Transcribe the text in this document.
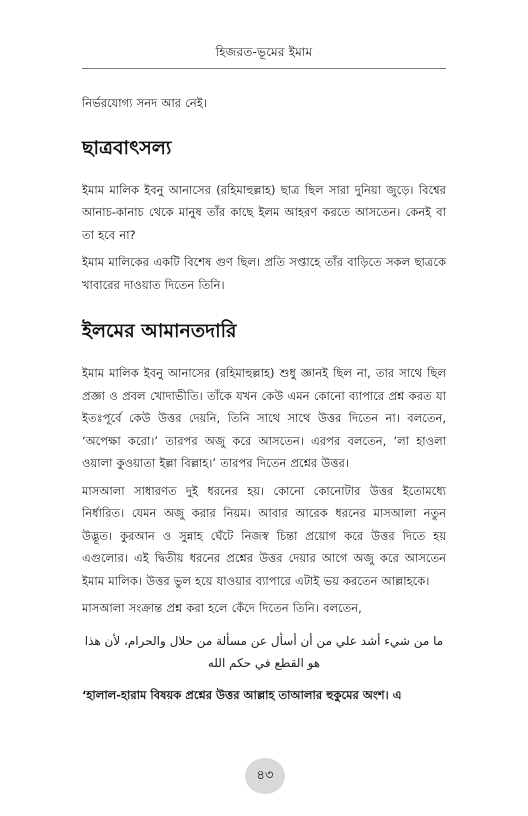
হিজরত-ভূমের ইমাম

নির্ভরযোগ্য সনদ আর নেই।

ছাত্রবাৎসল্য

ইমাম মালিক ইবনু আনাসের (রহিমাহুল্লাহ) ছাত্র ছিল সারা দুনিয়া জুড়ে। বিশ্বের আনাচ-কানাচ থেকে মানুষ তাঁর কাছে ইলম আহরণ করতে আসতেন। কেনই বা তা হবে না?

ইমাম মালিকের একটি বিশেষ গুণ ছিল। প্রতি সপ্তাহে তাঁর বাড়িতে সকল ছাত্রকে খাবারের দাওয়াত দিতেন তিনি।

ইলমের আমানতদারি

ইমাম মালিক ইবনু আনাসের (রহিমাহুল্লাহ) শুধু জ্ঞানই ছিল না, তার সাথে ছিল প্রজ্ঞা ও প্রবল খোদাভীতি। তাঁকে যখন কেউ এমন কোনো ব্যাপারে প্রশ্ন করত যা ইতঃপূর্বে কেউ উত্তর দেয়নি, তিনি সাথে সাথে উত্তর দিতেন না। বলতেন, ‘অপেক্ষা করো।’ তারপর অজু করে আসতেন। এরপর বলতেন, ‘লা হাওলা ওয়ালা কুওয়াতা ইল্লা বিল্লাহ।’ তারপর দিতেন প্রশ্নের উত্তর।

মাসআলা সাধারণত দুই ধরনের হয়। কোনো কোনোটার উত্তর ইতোমধ্যে নির্ধারিত। যেমন অজু করার নিয়ম। আবার আরেক ধরনের মাসআলা নতুন উদ্ভূত। কুরআন ও সুন্নাহ ঘেঁটে নিজস্ব চিন্তা প্রয়োগ করে উত্তর দিতে হয় এগুলোর। এই দ্বিতীয় ধরনের প্রশ্নের উত্তর দেয়ার আগে অজু করে আসতেন ইমাম মালিক। উত্তর ভুল হয়ে যাওয়ার ব্যাপারে এটাই ভয় করতেন আল্লাহকে।

মাসআলা সংক্রান্ত প্রশ্ন করা হলে কেঁদে দিতেন তিনি। বলতেন,

ما من شيء أشد علي من أن أسأل عن مسألة من حلال والحرام، لأن هذا هو القطع في حكم الله

‘হালাল-হারাম বিষয়ক প্রশ্নের উত্তর আল্লাহ তাআলার হুকুমের অংশ। এ

৪৩
